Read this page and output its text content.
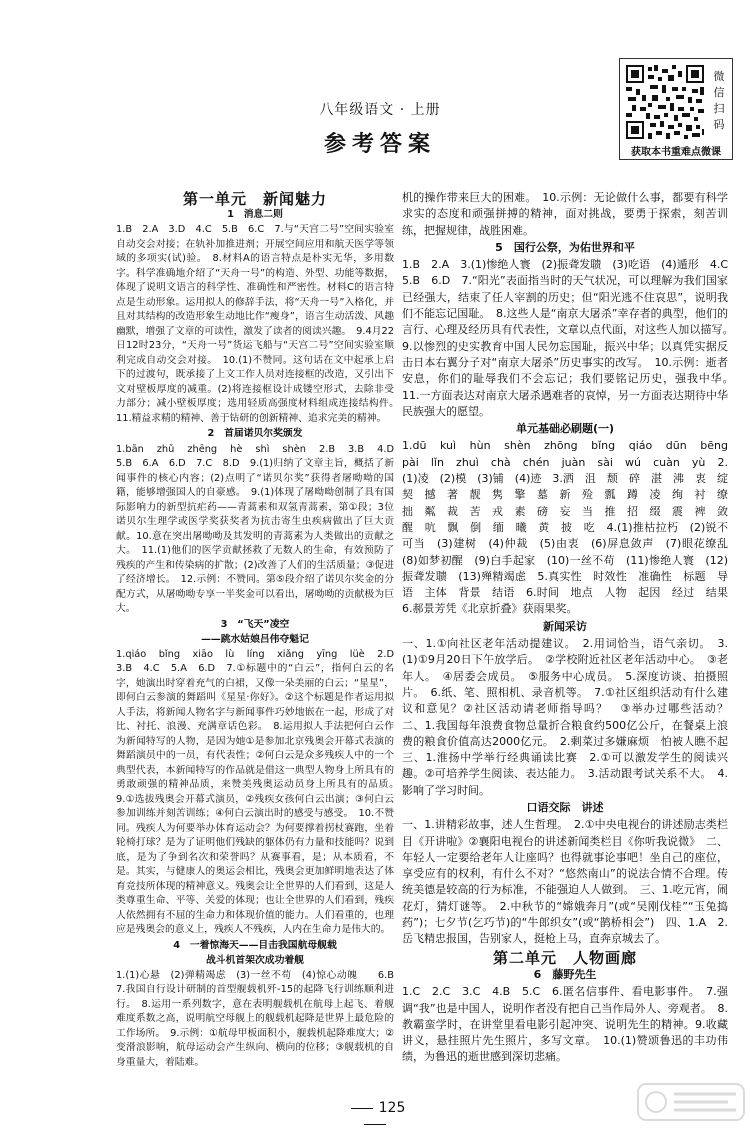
八年级语文 · 上册
参考答案
微
信
扫
码
获取本书重难点微课
第一单元　新闻魅力
1　消息二则

1.B　2.A　3.D　4.C　5.B　6.C　7.与“天宫二号”空间实验室自动交会对接；在轨补加推进剂；开展空间应用和航天医学等领域的多项实(试)验。　8.材料A的语言特点是朴实无华，多用数字。科学准确地介绍了“天舟一号”的构造、外型、功能等数据，体现了说明文语言的科学性、准确性和严密性。材料C的语言特点是生动形象。运用拟人的修辞手法，将“天舟一号”入格化，并且对其结构的改造形象生动地比作“瘦身”，语言生动活泼、风趣幽默，增强了文章的可读性，激发了读者的阅读兴趣。　9.4月22日12时23分，“天舟一号”货运飞船与“天宫二号”空间实验室顺利完成自动交会对接。　10.(1)不赞同。这句话在文中起承上启下的过渡句，既承接了上文工作人员对连接框的改造，又引出下文对壁板厚度的减重。(2)将连接框设计成镂空形式，去除非受力部分；减小壁板厚度；选用轻质高强度材料组成连接结构件。　11.精益求精的精神、善于钻研的创新精神、追求完美的精神。

2　首届诺贝尔奖颁发

1.bān　zhǔ　zhēng　hè　shì　shèn　2.B　3.B　4.D　5.B　6.A　6.D　7.C　8.D　9.(1)归纳了文章主旨，概括了新闻事件的核心内容；(2)点明了“诺贝尔奖”获得者屠呦呦的国籍，能够增强国人的自豪感。　9.(1)体现了屠呦呦创制了具有国际影响力的新型抗疟药——青蒿素和双氢青蒿素，第①段；3位诺贝尔生理学或医学奖获奖者为抗击寄生虫疾病做出了巨大贡献。10.意在突出屠呦呦及其发明的青蒿素为人类做出的贡献之大。　11.(1)他们的医学贡献拯救了无数人的生命，有效预防了残疾的产生和传染病的扩散；(2)改善了人们的生活质量；③促进了经济增长。　12.示例：不赞同。第⑤段介绍了诺贝尔奖金的分配方式，从屠呦呦专享一半奖金可以看出，屠呦呦的贡献极为巨大。

3　“飞天”凌空
——跳水姑娘吕伟夺魁记

1.qiáo　bǐng　xiāo　lù　líng　xiǎng　yīng　lüè　2.D　3.B　4.C　5.A　6.D　7.①标题中的“白云”，指何白云的名字，她演出时穿着充气的白裙，又像一朵美丽的白云；“星星”，即何白云参演的舞蹈叫《星星·你好》。②这个标题是作者运用拟人手法，将新闻人物名字与新闻事件巧妙地嵌在一起，形成了对比、衬托、浪漫、充满章话色彩。　8.运用拟人手法把何白云作为新闻特写的人物，是因为她①是参加北京残奥会开幕式表演的舞蹈演员中的一员，有代表性；②何白云是众多残疾人中的一个典型代表，本新闻特写的作品就是借这一典型人物身上所具有的勇敢顽强的精神品质，来赞美残奥运动员身上所具有的品质。　9.①选拔残奥会开幕式演员，②残疾女孩何白云出演；③何白云参加训练并刻苦训练；④何白云演出时的感受与感受。　10.不赞同。残疾人为何要举办体育运动会？为何要撑着拐杖赛跑，坐着轮椅打球？是为了证明他们残缺的躯体仍有力量和技能吗？说到底，是为了争到名次和荣誉吗？从赛事看，是；从本质看，不是。其实，与健康人的奥运会相比，残奥会更加鲜明地表达了体育竞技所体现的精神意义。残奥会让全世界的人们看到，这是人类尊重生命、平等、关爱的体现；也让全世界的人们看到，残疾人依然拥有不屈的生命力和体现价值的能力。人们看重的，也理应是残奥会的意义上，残疾人不残疾，人内在生命力是伟大的。

4　一着惊海天——目击我国航母舰载
战斗机首架次成功着舰

1.(1)心悬　(2)弹精竭虑　(3)一丝不苟　(4)惊心动魄　　6.B　7.我国自行设计研制的首型舰载机歼-15的起降飞行训练顺利进行。　8.运用一系列数字，意在表明舰载机在航母上起飞、着舰难度系数之高，说明航空母舰上的舰载机起降是世界上最危险的工作场所。　9.示例：①航母甲板面积小，舰载机起降难度大；②变滑浪影响，航母运动会产生纵向、横向的位移；③舰载机的自身重量大，着陆难。

机的操作带来巨大的困难。　10.示例：无论做什么事，都要有科学求实的态度和顽强拼搏的精神，面对挑战，要勇于探索，刻苦训练，把握规律，战胜困难。

5　国行公祭，为佑世界和平

1.B　2.A　3.(1)惨绝人寰　(2)振聋发聩　(3)吃语　(4)遁形　4.C　5.B　6.D　7.“阳光”表面指当时的天气状况，可以理解为我们国家已经强大，结束了任人宰割的历史；但“阳光逃不住哀思”，说明我们不能忘记国耻。　8.这些人是“南京大屠杀”幸存者的典型，他们的言行、心理及经历具有代表性，文章以点代面，对这些人加以描写。　9.以惨烈的史实教育中国人民勿忘国耻，振兴中华；以真凭实据反击日本右翼分子对“南京大屠杀”历史事实的改写。　10.示例：逝者安息，你们的耻辱我们不会忘记；我们要铭记历史，强我中华。　11.一方面表达对南京大屠杀遇难者的哀悼，另一方面表达期待中华民族强大的愿望。

单元基础必刷题(一)

1.dū　kuì　hùn　shèn　zhōng　bǐng　qiáo　dūn　bēng　pài　lǐn　zhuì　chà　chén　juàn　sài　wú　cuàn　yù　2.(1)凌　(2)模　(3)铺　(4)迹　3.洒　沮　颓　碎　湛　沸　衷　绽　契　撼　著　靓　隽　擎　墓　新　殓　瓢　蹲　凌　绚　衬　缭　拙　粼　裁　苦　戎　素　磅　妄　当　推　招　缀　震　裨　敛　醒　吭　飘　倒　缅　曦　黄　披　吃　4.(1)推枯拉朽　(2)锐不可当　(3)建树　(4)仲裁　(5)由衷　(6)屏息敛声　(7)眼花缭乱　(8)如梦初醒　(9)白手起家　(10)一丝不苟　(11)惨绝人寰　(12)振聋发聩　(13)殚精竭虑　5.真实性　时效性　准确性　标题　导语　主体　背景　结语　6.时间　地点　人物　起因　经过　结果　6.郝景芳凭《北京折叠》获雨果奖。

新闻采访

一、1.①向社区老年活动提建议。　2.用词恰当，语气亲切。　3.(1)①9月20日下午放学后。　②学校附近社区老年活动中心。　③老年人。　④居委会成员。　⑤服务中心成员。　5.深度访谈、拍摄照片。　6.纸、笔、照相机、录音机等。　7.①社区组织活动有什么建议和意见？②社区活动请老师指导吗？　③举办过哪些活动？　二、1.我国每年浪费食物总量折合粮食约500亿公斤，在餐桌上浪费的粮食价值高达2000亿元。　2.剩菜过多嫌麻烦　怕被人瞧不起　三、1.淮扬中学举行经典诵读比赛　2.①可以激发学生的阅读兴趣。②可培养学生阅读、表达能力。　3.活动跟考试关系不大。　4.影响了学习时间。

口语交际　讲述

一、1.讲精彩故事，述人生哲理。　2.①中央电视台的讲述励志类栏目《开讲啦》②襄阳电视台的讲述新闻类栏目《你听我说微》　二、年轻人一定要给老年人让座吗？也得就事论事吧！坐自己的座位，享受应有的权利，有什么不对？“悠然南山”的说法合情不合理。传统美德是较高的行为标准，不能强迫人人做到。　三、1.吃元宵，闹花灯，猜灯谜等。　2.中秋节的“嫦娥奔月”(或“吴刚伐桂”“玉兔捣药”)；七夕节(乞巧节)的“牛郎织女”(或“鹊桥相会”)　四、1.A　2.岳飞精忠报国，告别家人，挺枪上马，直奔京城去了。

第二单元　人物画廊
6　藤野先生

1.C　2.C　3.C　4.B　5.C　6.匿名信事件、看电影事件。　7.强调“我”也是中国人，说明作者没有把自己当作局外人、旁观者。　8.教霸蛮学时，在讲堂里看电影引起冲突、说明先生的精神。9.收藏讲义，悬挂照片先生照片，多写文章。　10.(1)赞颂鲁迅的丰功伟绩，为鲁迅的逝世感到深切悲痛。

125
